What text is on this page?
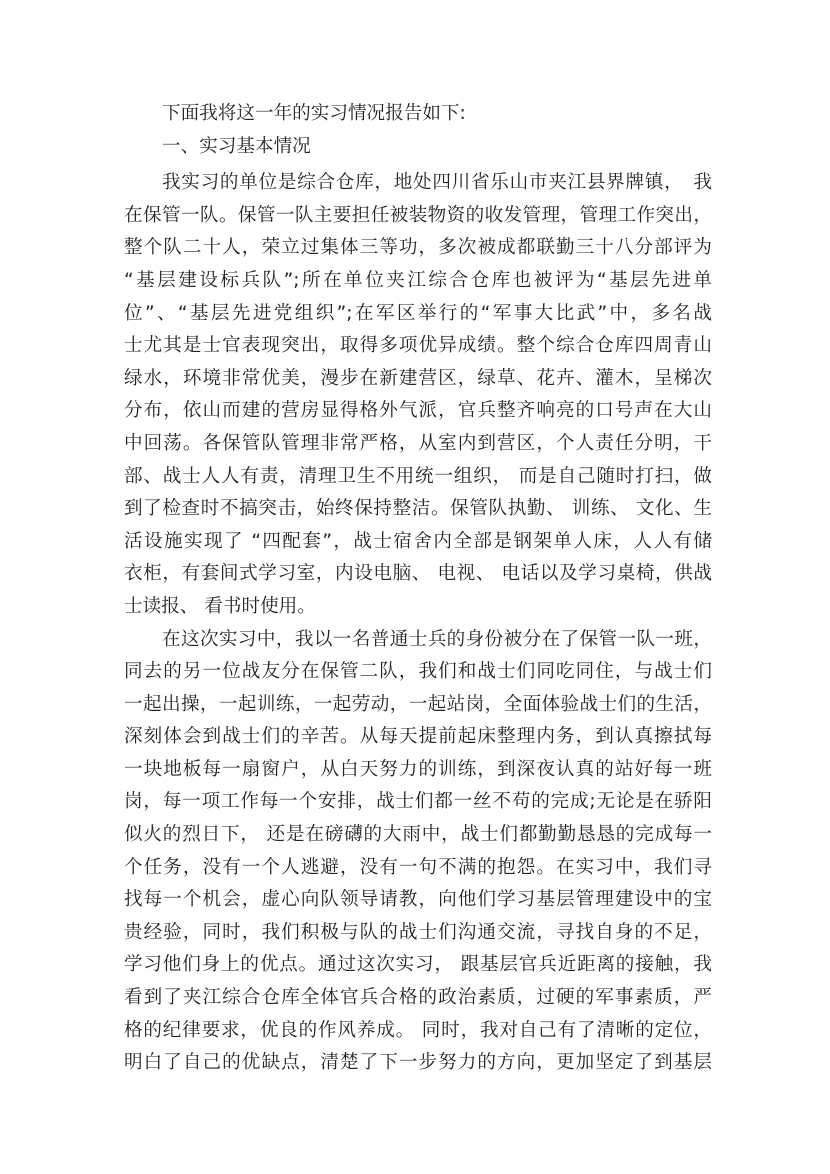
下面我将这一年的实习情况报告如下:
一、实习基本情况
我实习的单位是综合仓库，地处四川省乐山市夹江县界牌镇，　我
在保管一队。保管一队主要担任被装物资的收发管理，管理工作突出，
整个队二十人，荣立过集体三等功，多次被成都联勤三十八分部评为
“基层建设标兵队”;所在单位夹江综合仓库也被评为“基层先进单
位”、“基层先进党组织”;在军区举行的“军事大比武”中，多名战
士尤其是士官表现突出，取得多项优异成绩。整个综合仓库四周青山
绿水，环境非常优美，漫步在新建营区，绿草、花卉、灌木，呈梯次
分布，依山而建的营房显得格外气派，官兵整齐响亮的口号声在大山
中回荡。各保管队管理非常严格，从室内到营区，个人责任分明，干
部、战士人人有责，清理卫生不用统一组织， 而是自己随时打扫，做
到了检查时不搞突击，始终保持整洁。保管队执勤、 训练、 文化、生
活设施实现了 “四配套”，战士宿舍内全部是钢架单人床，人人有储
衣柜，有套间式学习室，内设电脑、 电视、 电话以及学习桌椅，供战
士读报、 看书时使用。
在这次实习中，我以一名普通士兵的身份被分在了保管一队一班，
同去的另一位战友分在保管二队，我们和战士们同吃同住，与战士们
一起出操，一起训练，一起劳动，一起站岗，全面体验战士们的生活，
深刻体会到战士们的辛苦。从每天提前起床整理内务，到认真擦拭每
一块地板每一扇窗户，从白天努力的训练，到深夜认真的站好每一班
岗，每一项工作每一个安排，战士们都一丝不苟的完成;无论是在骄阳
似火的烈日下， 还是在磅礴的大雨中，战士们都勤勤恳恳的完成每一
个任务，没有一个人逃避，没有一句不满的抱怨。在实习中，我们寻
找每一个机会，虚心向队领导请教，向他们学习基层管理建设中的宝
贵经验，同时，我们积极与队的战士们沟通交流，寻找自身的不足，
学习他们身上的优点。通过这次实习， 跟基层官兵近距离的接触，我
看到了夹江综合仓库全体官兵合格的政治素质，过硬的军事素质，严
格的纪律要求，优良的作风养成。 同时，我对自己有了清晰的定位，
明白了自己的优缺点，清楚了下一步努力的方向，更加坚定了到基层
